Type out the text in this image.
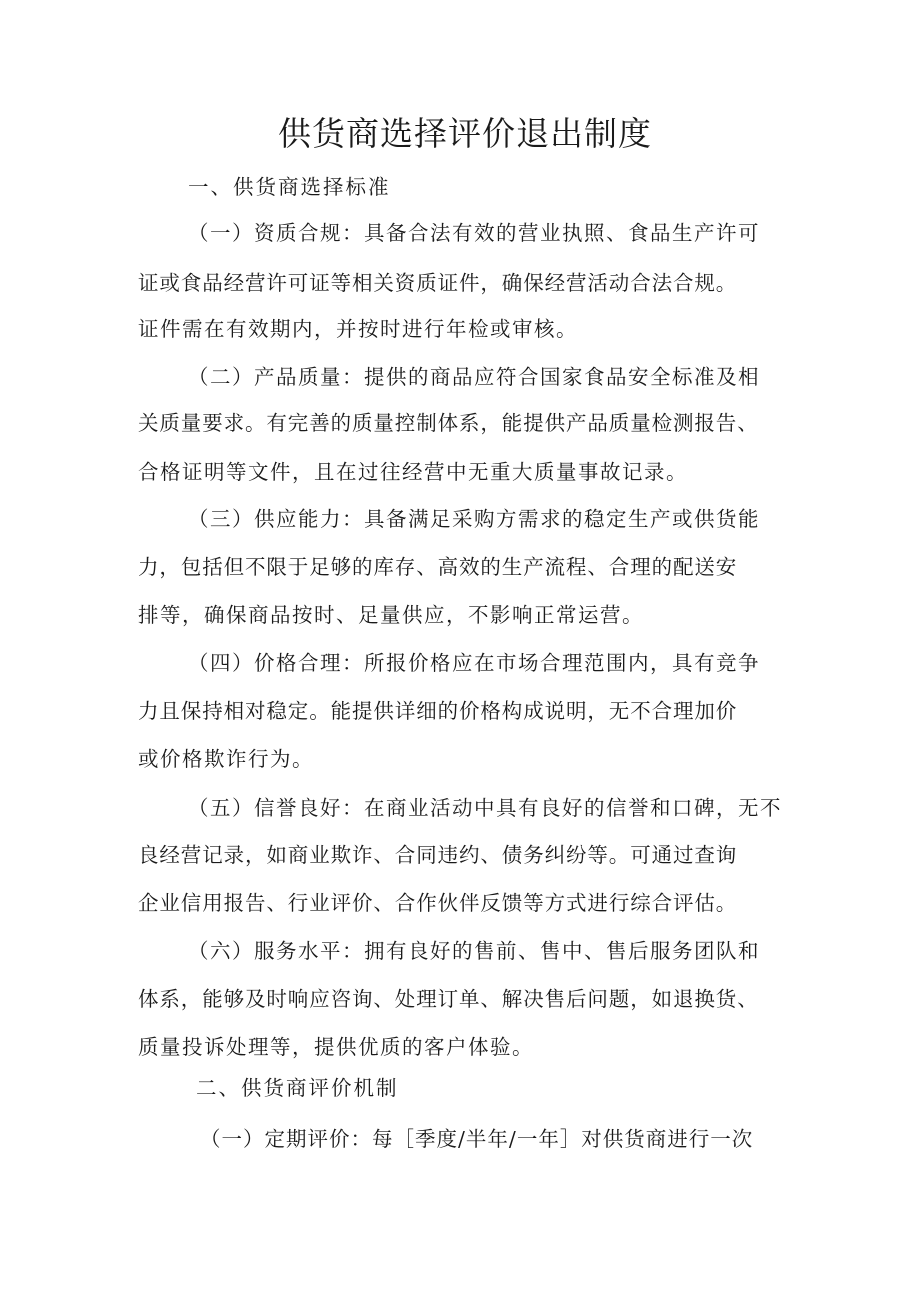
供货商选择评价退出制度
一、供货商选择标准
（一）资质合规：具备合法有效的营业执照、食品生产许可
证或食品经营许可证等相关资质证件，确保经营活动合法合规。
证件需在有效期内，并按时进行年检或审核。
（二）产品质量：提供的商品应符合国家食品安全标准及相
关质量要求。有完善的质量控制体系，能提供产品质量检测报告、
合格证明等文件，且在过往经营中无重大质量事故记录。
（三）供应能力：具备满足采购方需求的稳定生产或供货能
力，包括但不限于足够的库存、高效的生产流程、合理的配送安
排等，确保商品按时、足量供应，不影响正常运营。
（四）价格合理：所报价格应在市场合理范围内，具有竞争
力且保持相对稳定。能提供详细的价格构成说明，无不合理加价
或价格欺诈行为。
（五）信誉良好：在商业活动中具有良好的信誉和口碑，无不
良经营记录，如商业欺诈、合同违约、债务纠纷等。可通过查询
企业信用报告、行业评价、合作伙伴反馈等方式进行综合评估。
（六）服务水平：拥有良好的售前、售中、售后服务团队和
体系，能够及时响应咨询、处理订单、解决售后问题，如退换货、
质量投诉处理等，提供优质的客户体验。
二、供货商评价机制
（一）定期评价：每［季度/半年/一年］对供货商进行一次
